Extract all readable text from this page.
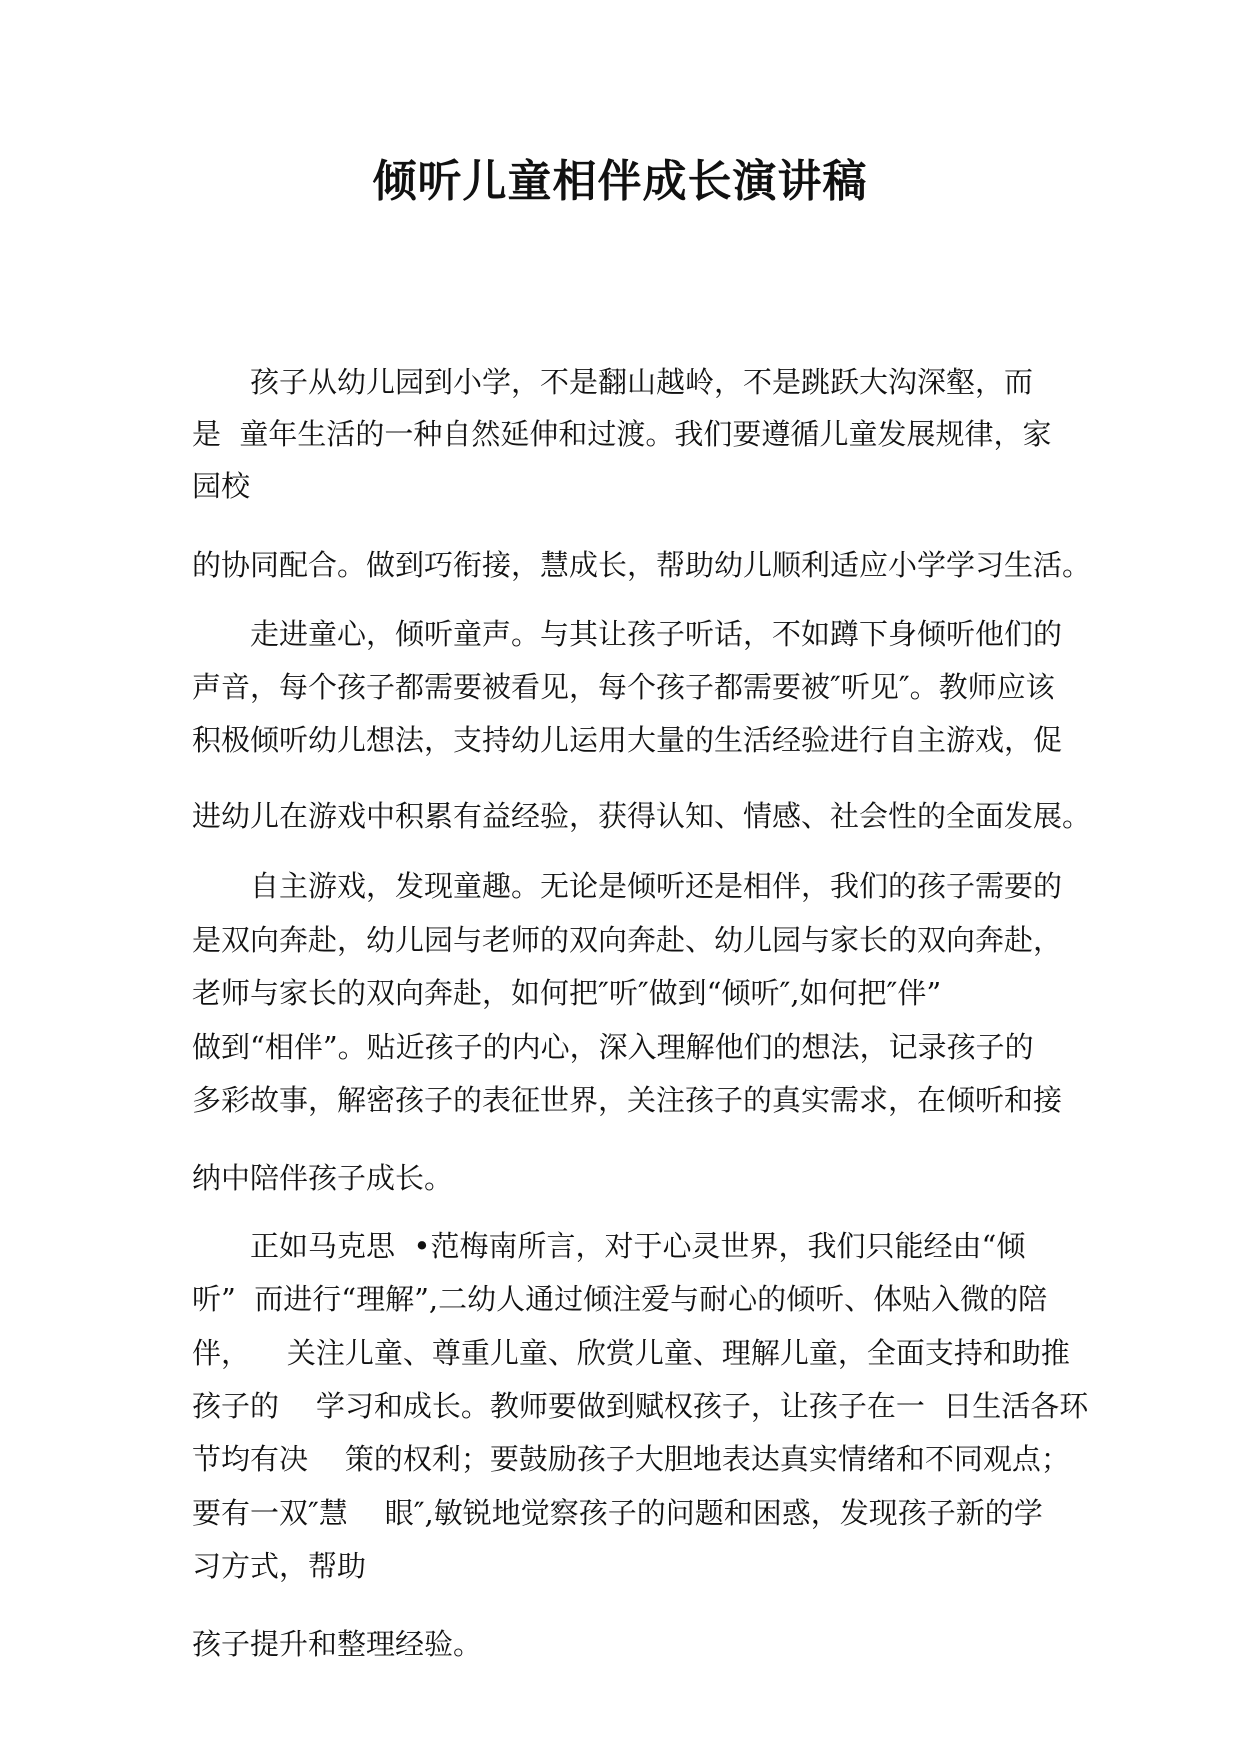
倾听儿童相伴成长演讲稿
孩子从幼儿园到小学，不是翻山越岭，不是跳跃大沟深壑，而
是  童年生活的一种自然延伸和过渡。我们要遵循儿童发展规律，家
园校
的协同配合。做到巧衔接，慧成长，帮助幼儿顺利适应小学学习生活。
走进童心，倾听童声。与其让孩子听话，不如蹲下身倾听他们的
声音，每个孩子都需要被看见，每个孩子都需要被″听见″。教师应该
积极倾听幼儿想法，支持幼儿运用大量的生活经验进行自主游戏，促
进幼儿在游戏中积累有益经验，获得认知、情感、社会性的全面发展。
自主游戏，发现童趣。无论是倾听还是相伴，我们的孩子需要的
是双向奔赴，幼儿园与老师的双向奔赴、幼儿园与家长的双向奔赴，
老师与家长的双向奔赴，如何把″听″做到“倾听″,如何把″伴”
做到“相伴”。贴近孩子的内心，深入理解他们的想法，记录孩子的
多彩故事，解密孩子的表征世界，关注孩子的真实需求，在倾听和接
纳中陪伴孩子成长。
正如马克思  •范梅南所言，对于心灵世界，我们只能经由“倾
听”  而进行“理解”,二幼人通过倾注爱与耐心的倾听、体贴入微的陪
伴，    关注儿童、尊重儿童、欣赏儿童、理解儿童，全面支持和助推
孩子的    学习和成长。教师要做到赋权孩子，让孩子在一  日生活各环
节均有决    策的权利；要鼓励孩子大胆地表达真实情绪和不同观点；
要有一双″慧    眼″,敏锐地觉察孩子的问题和困惑，发现孩子新的学
习方式，帮助
孩子提升和整理经验。
